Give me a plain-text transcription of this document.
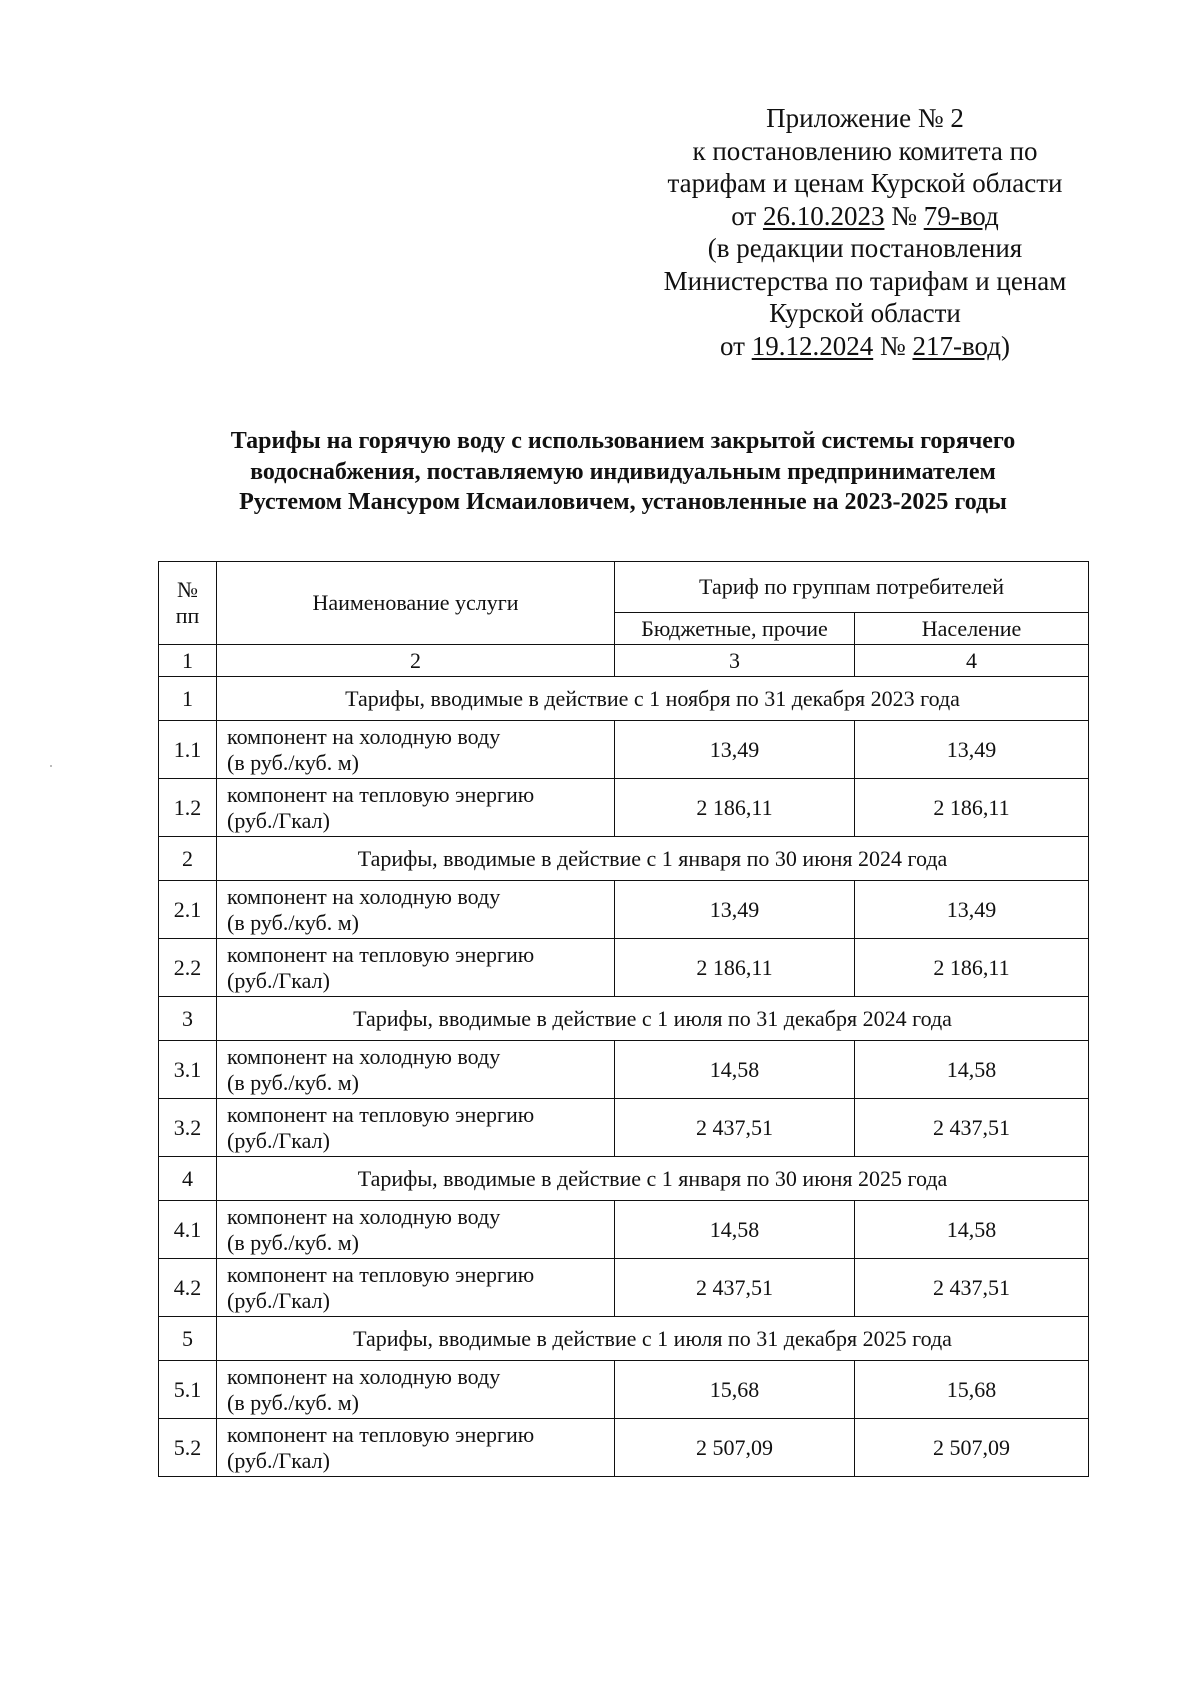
Приложение № 2
к постановлению комитета по
тарифам и ценам Курской области
от 26.10.2023 № 79-вод
(в редакции постановления
Министерства по тарифам и ценам
Курской области
от 19.12.2024 № 217-вод)
Тарифы на горячую воду с использованием закрытой системы горячего
водоснабжения, поставляемую индивидуальным предпринимателем
Рустемом Мансуром Исмаиловичем, установленные на 2023-2025 годы
№
пп	Наименование услуги	Тариф по группам потребителей	
		Бюджетные, прочие	Население
1	2	3	4
1	Тарифы, вводимые в действие с 1 ноября по 31 декабря 2023 года		
1.1	компонент на холодную воду
(в руб./куб. м)	13,49	13,49
1.2	компонент на тепловую энергию
(руб./Гкал)	2 186,11	2 186,11
2	Тарифы, вводимые в действие с 1 января по 30 июня 2024 года		
2.1	компонент на холодную воду
(в руб./куб. м)	13,49	13,49
2.2	компонент на тепловую энергию
(руб./Гкал)	2 186,11	2 186,11
3	Тарифы, вводимые в действие с 1 июля по 31 декабря 2024 года		
3.1	компонент на холодную воду
(в руб./куб. м)	14,58	14,58
3.2	компонент на тепловую энергию
(руб./Гкал)	2 437,51	2 437,51
4	Тарифы, вводимые в действие с 1 января по 30 июня 2025 года		
4.1	компонент на холодную воду
(в руб./куб. м)	14,58	14,58
4.2	компонент на тепловую энергию
(руб./Гкал)	2 437,51	2 437,51
5	Тарифы, вводимые в действие с 1 июля по 31 декабря 2025 года		
5.1	компонент на холодную воду
(в руб./куб. м)	15,68	15,68
5.2	компонент на тепловую энергию
(руб./Гкал)	2 507,09	2 507,09
